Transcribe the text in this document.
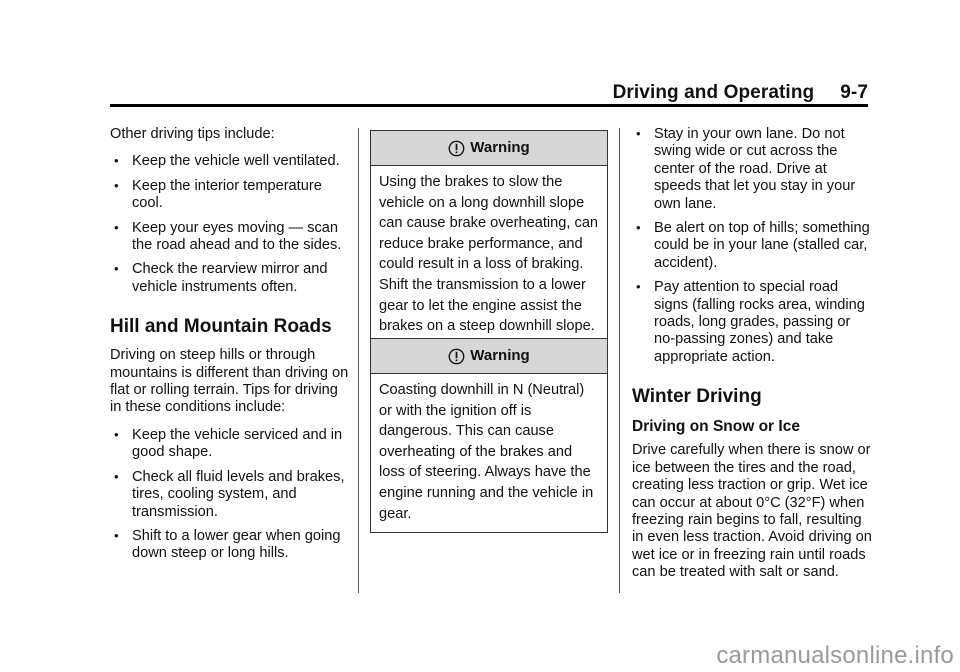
Driving and Operating 9-7

Other driving tips include:

• Keep the vehicle well ventilated.
• Keep the interior temperature cool.
• Keep your eyes moving — scan the road ahead and to the sides.
• Check the rearview mirror and vehicle instruments often.
Hill and Mountain Roads

Driving on steep hills or through mountains is different than driving on flat or rolling terrain. Tips for driving in these conditions include:

• Keep the vehicle serviced and in good shape.
• Check all fluid levels and brakes, tires, cooling system, and transmission.
• Shift to a lower gear when going down steep or long hills.
Warning
Using the brakes to slow the vehicle on a long downhill slope can cause brake overheating, can reduce brake performance, and could result in a loss of braking. Shift the transmission to a lower gear to let the engine assist the brakes on a steep downhill slope.
Warning
Coasting downhill in N (Neutral) or with the ignition off is dangerous. This can cause overheating of the brakes and loss of steering. Always have the engine running and the vehicle in gear.
• Stay in your own lane. Do not swing wide or cut across the center of the road. Drive at speeds that let you stay in your own lane.
• Be alert on top of hills; something could be in your lane (stalled car, accident).
• Pay attention to special road signs (falling rocks area, winding roads, long grades, passing or no-passing zones) and take appropriate action.
Winter Driving
Driving on Snow or Ice

Drive carefully when there is snow or ice between the tires and the road, creating less traction or grip. Wet ice can occur at about 0°C (32°F) when freezing rain begins to fall, resulting in even less traction. Avoid driving on wet ice or in freezing rain until roads can be treated with salt or sand.

carmanualsonline.info
